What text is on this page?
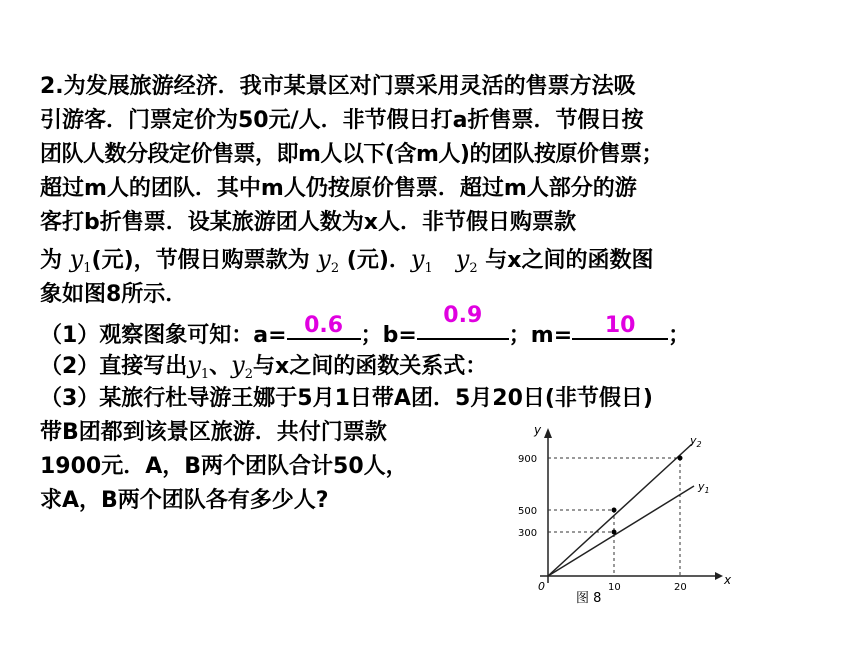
2.为发展旅游经济．我市某景区对门票采用灵活的售票方法吸
引游客．门票定价为50元/人．非节假日打a折售票．节假日按
团队人数分段定价售票，即m人以下(含m人)的团队按原价售票；
超过m人的团队．其中m人仍按原价售票．超过m人部分的游
客打b折售票．设某旅游团人数为x人．非节假日购票款
为 $y_1$(元)，节假日购票款为 $y_2$ (元)．$y_1$ $y_2$ 与x之间的函数图
象如图8所示．
（1）观察图象可知：a= 0.6 ；b=
0.9
；m=	10	；
（2）直接写出$y_1$、$y_2$与x之间的函数关系式：
（3）某旅行杜导游王娜于5月1日带A团．5月20日(非节假日)
带B团都到该景区旅游．共付门票款
1900元．A，B两个团队合计50人，
求A，B两个团队各有多少人?
y
x
0
900
500
300
10	20
$y_2$
$y_1$
图 8
